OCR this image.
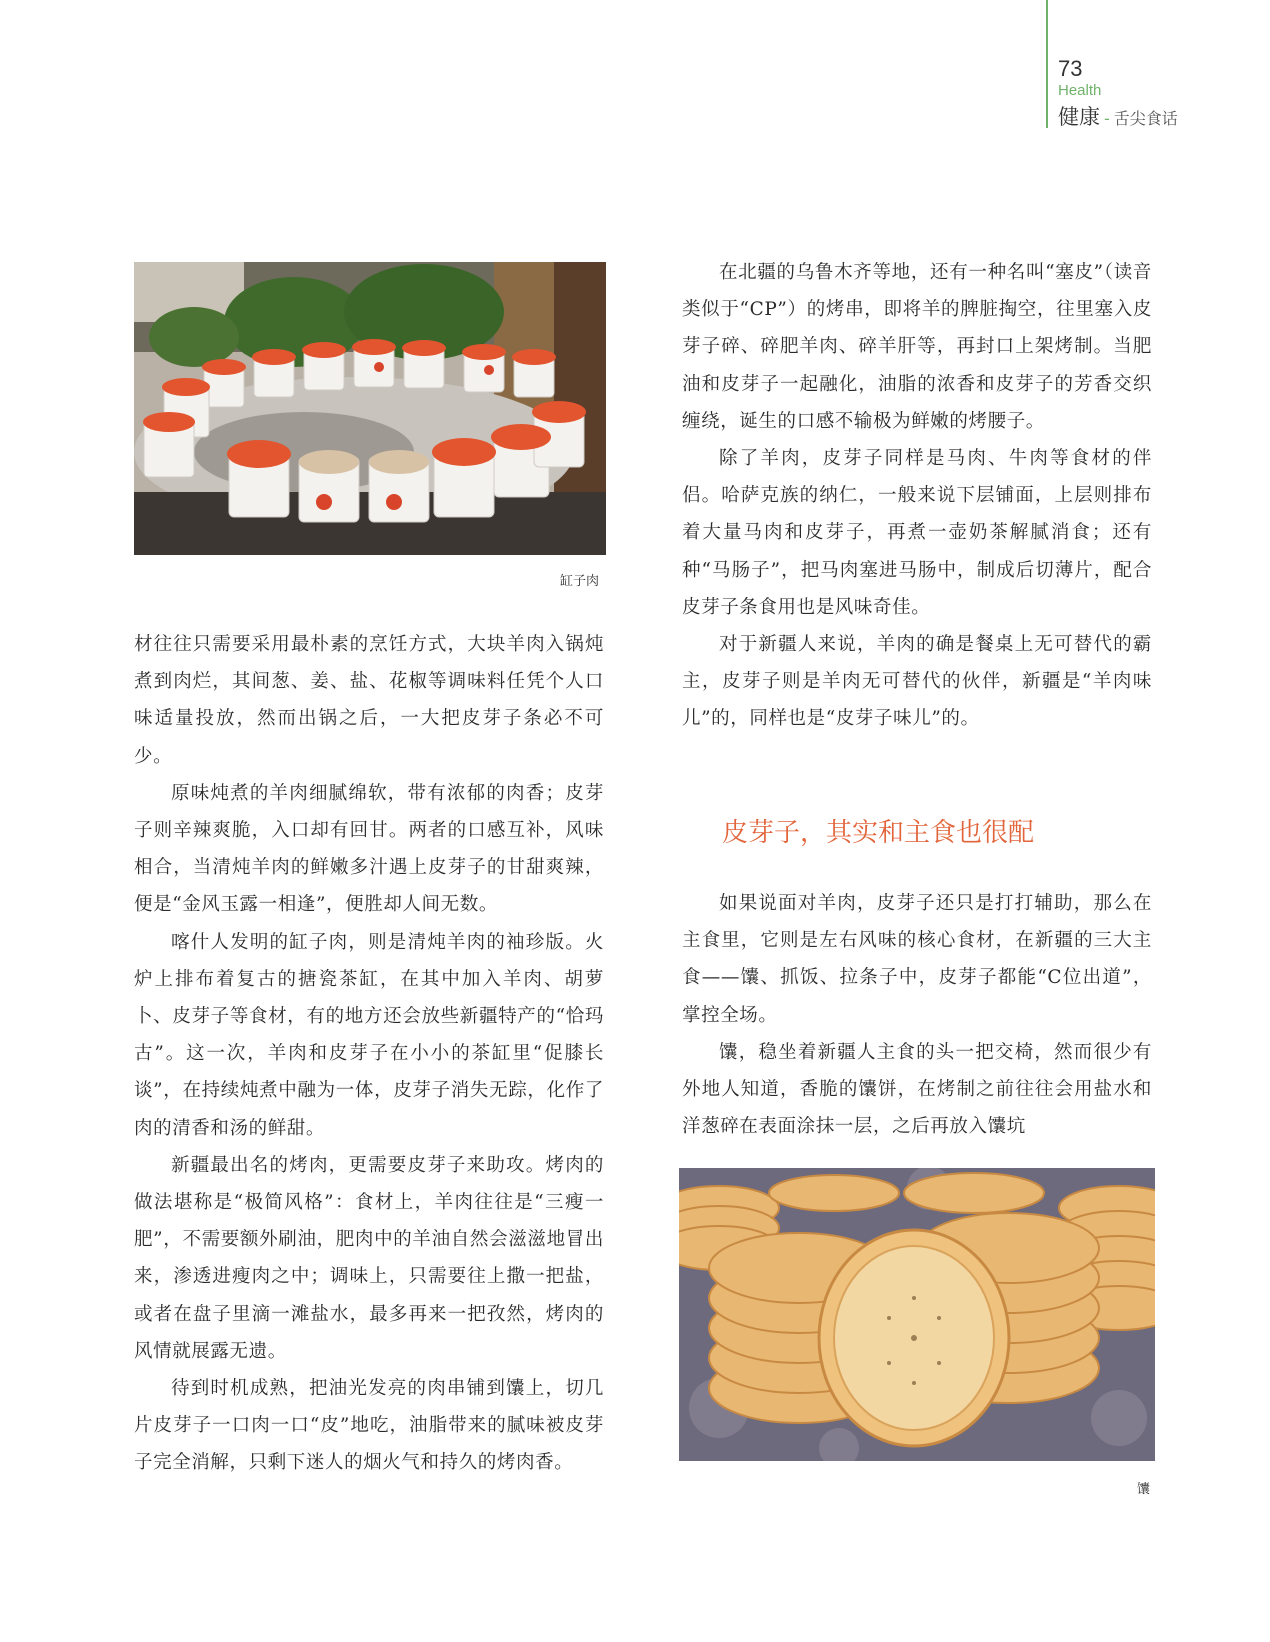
73
Health
健康 - 舌尖食话
缸子肉

材往往只需要采用最朴素的烹饪方式，大块羊肉入锅炖煮到肉烂，其间葱、姜、盐、花椒等调味料任凭个人口味适量投放，然而出锅之后，一大把皮芽子条必不可少。

原味炖煮的羊肉细腻绵软，带有浓郁的肉香；皮芽子则辛辣爽脆，入口却有回甘。两者的口感互补，风味相合，当清炖羊肉的鲜嫩多汁遇上皮芽子的甘甜爽辣，便是“金风玉露一相逢”，便胜却人间无数。

喀什人发明的缸子肉，则是清炖羊肉的袖珍版。火炉上排布着复古的搪瓷茶缸，在其中加入羊肉、胡萝卜、皮芽子等食材，有的地方还会放些新疆特产的“恰玛古”。这一次，羊肉和皮芽子在小小的茶缸里“促膝长谈”，在持续炖煮中融为一体，皮芽子消失无踪，化作了肉的清香和汤的鲜甜。

新疆最出名的烤肉，更需要皮芽子来助攻。烤肉的做法堪称是“极简风格”：食材上，羊肉往往是“三瘦一肥”，不需要额外刷油，肥肉中的羊油自然会滋滋地冒出来，渗透进瘦肉之中；调味上，只需要往上撒一把盐，或者在盘子里滴一滩盐水，最多再来一把孜然，烤肉的风情就展露无遗。

待到时机成熟，把油光发亮的肉串铺到馕上，切几片皮芽子一口肉一口“皮”地吃，油脂带来的腻味被皮芽子完全消解，只剩下迷人的烟火气和持久的烤肉香。

在北疆的乌鲁木齐等地，还有一种名叫“塞皮”（读音类似于“CP”）的烤串，即将羊的脾脏掏空，往里塞入皮芽子碎、碎肥羊肉、碎羊肝等，再封口上架烤制。当肥油和皮芽子一起融化，油脂的浓香和皮芽子的芳香交织缠绕，诞生的口感不输极为鲜嫩的烤腰子。

除了羊肉，皮芽子同样是马肉、牛肉等食材的伴侣。哈萨克族的纳仁，一般来说下层铺面，上层则排布着大量马肉和皮芽子，再煮一壶奶茶解腻消食；还有种“马肠子”，把马肉塞进马肠中，制成后切薄片，配合皮芽子条食用也是风味奇佳。

对于新疆人来说，羊肉的确是餐桌上无可替代的霸主，皮芽子则是羊肉无可替代的伙伴，新疆是“羊肉味儿”的，同样也是“皮芽子味儿”的。

皮芽子，其实和主食也很配

如果说面对羊肉，皮芽子还只是打打辅助，那么在主食里，它则是左右风味的核心食材，在新疆的三大主食——馕、抓饭、拉条子中，皮芽子都能“C位出道”，掌控全场。

馕，稳坐着新疆人主食的头一把交椅，然而很少有外地人知道，香脆的馕饼，在烤制之前往往会用盐水和洋葱碎在表面涂抹一层，之后再放入馕坑

馕
